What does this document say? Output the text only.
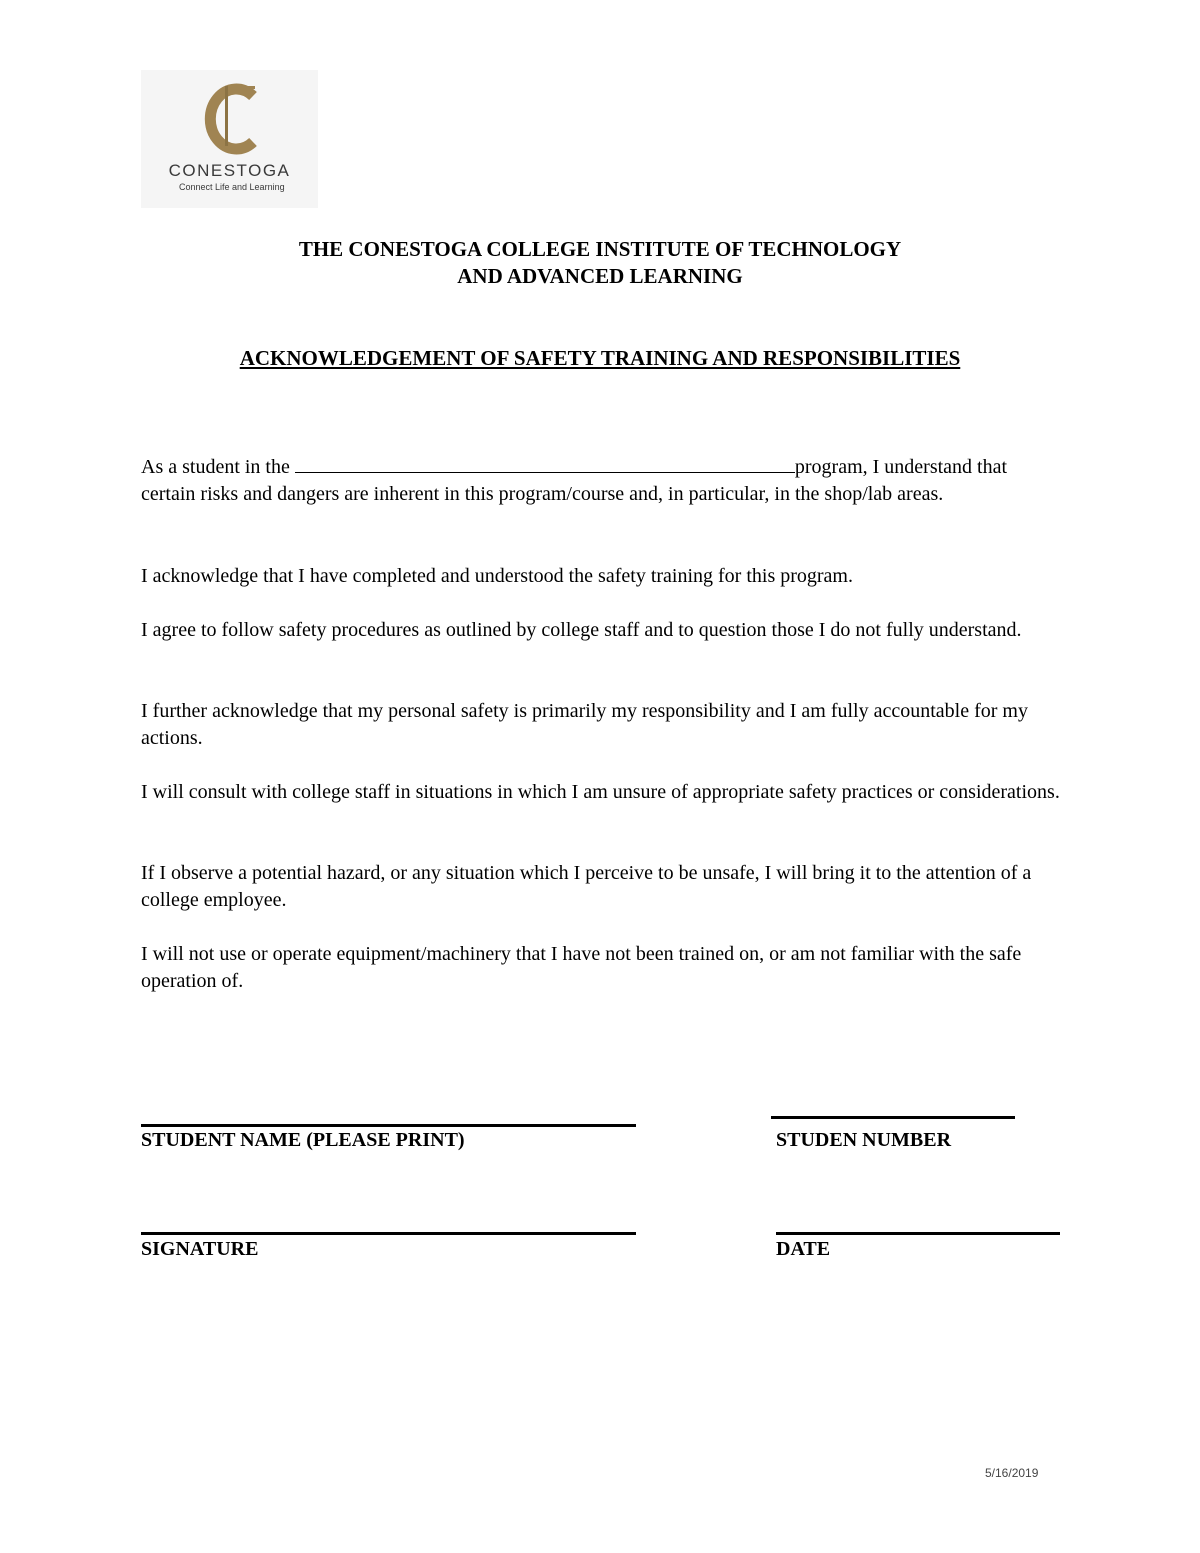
CONESTOGA
Connect Life and Learning
THE CONESTOGA COLLEGE INSTITUTE OF TECHNOLOGY
AND ADVANCED LEARNING
ACKNOWLEDGEMENT OF SAFETY TRAINING AND RESPONSIBILITIES

As a student in the	program, I understand that certain risks and dangers are inherent in this program/course and, in particular, in the shop/lab areas.

I acknowledge that I have completed and understood the safety training for this program.

I agree to follow safety procedures as outlined by college staff and to question those I do not fully understand.

I further acknowledge that my personal safety is primarily my responsibility and I am fully accountable for my actions.

I will consult with college staff in situations in which I am unsure of appropriate safety practices or considerations.

If I observe a potential hazard, or any situation which I perceive to be unsafe, I will bring it to the attention of a college employee.

I will not use or operate equipment/machinery that I have not been trained on, or am not familiar with the safe operation of.

STUDENT NAME (PLEASE PRINT)	STUDEN NUMBER
SIGNATURE	DATE
5/16/2019
